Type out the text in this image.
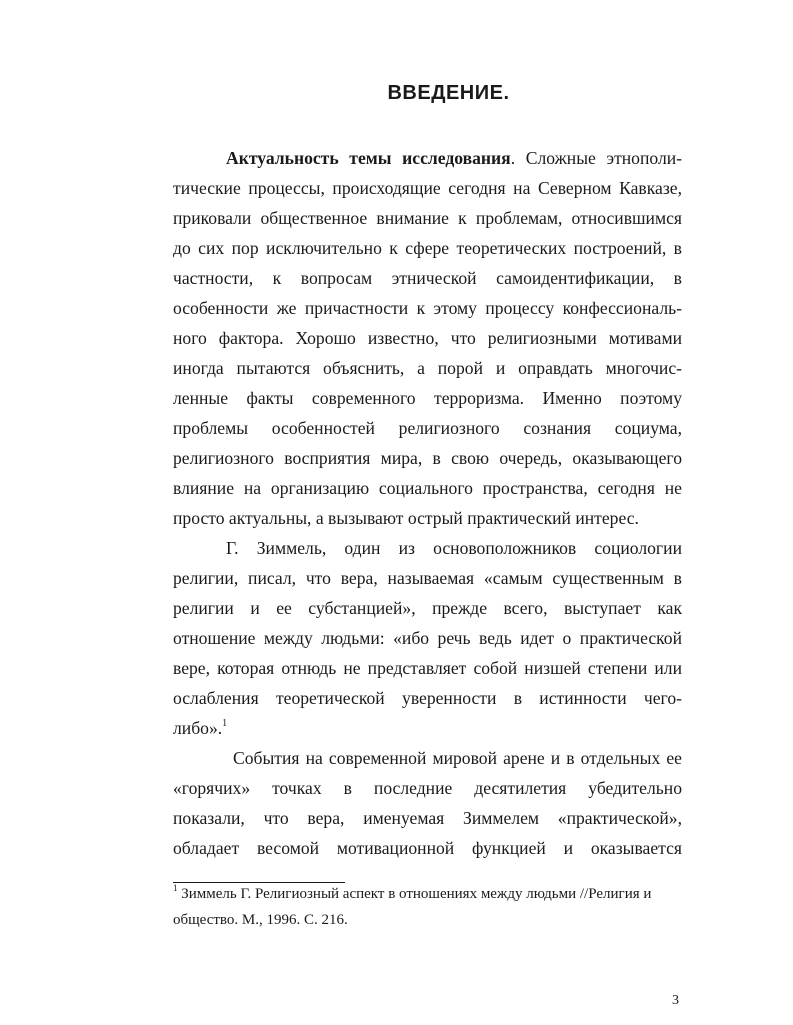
ВВЕДЕНИЕ.
Актуальность темы исследования. Сложные этнополи-
тические процессы, происходящие сегодня на Северном Кавказе,
приковали общественное внимание к проблемам, относившимся
до сих пор исключительно к сфере теоретических построений, в
частности, к вопросам этнической самоидентификации, в
особенности же причастности к этому процессу конфессиональ-
ного фактора. Хорошо известно, что религиозными мотивами
иногда пытаются объяснить, а порой и оправдать многочис-
ленные факты современного терроризма. Именно поэтому
проблемы особенностей религиозного сознания социума,
религиозного восприятия мира, в свою очередь, оказывающего
влияние на организацию социального пространства, сегодня не
просто актуальны, а вызывают острый практический интерес.
Г. Зиммель, один из основоположников социологии
религии, писал, что вера, называемая «самым существенным в
религии и ее субстанцией», прежде всего, выступает как
отношение между людьми: «ибо речь ведь идет о практической
вере, которая отнюдь не представляет собой низшей степени или
ослабления теоретической уверенности в истинности чего-
либо».$^1$
События на современной мировой арене и в отдельных ее
«горячих» точках в последние десятилетия убедительно
показали, что вера, именуемая Зиммелем «практической»,
обладает весомой мотивационной функцией и оказывается
$^1$ Зиммель Г. Религиозный аспект в отношениях между людьми //Религия и
общество. М., 1996. С. 216.
3
